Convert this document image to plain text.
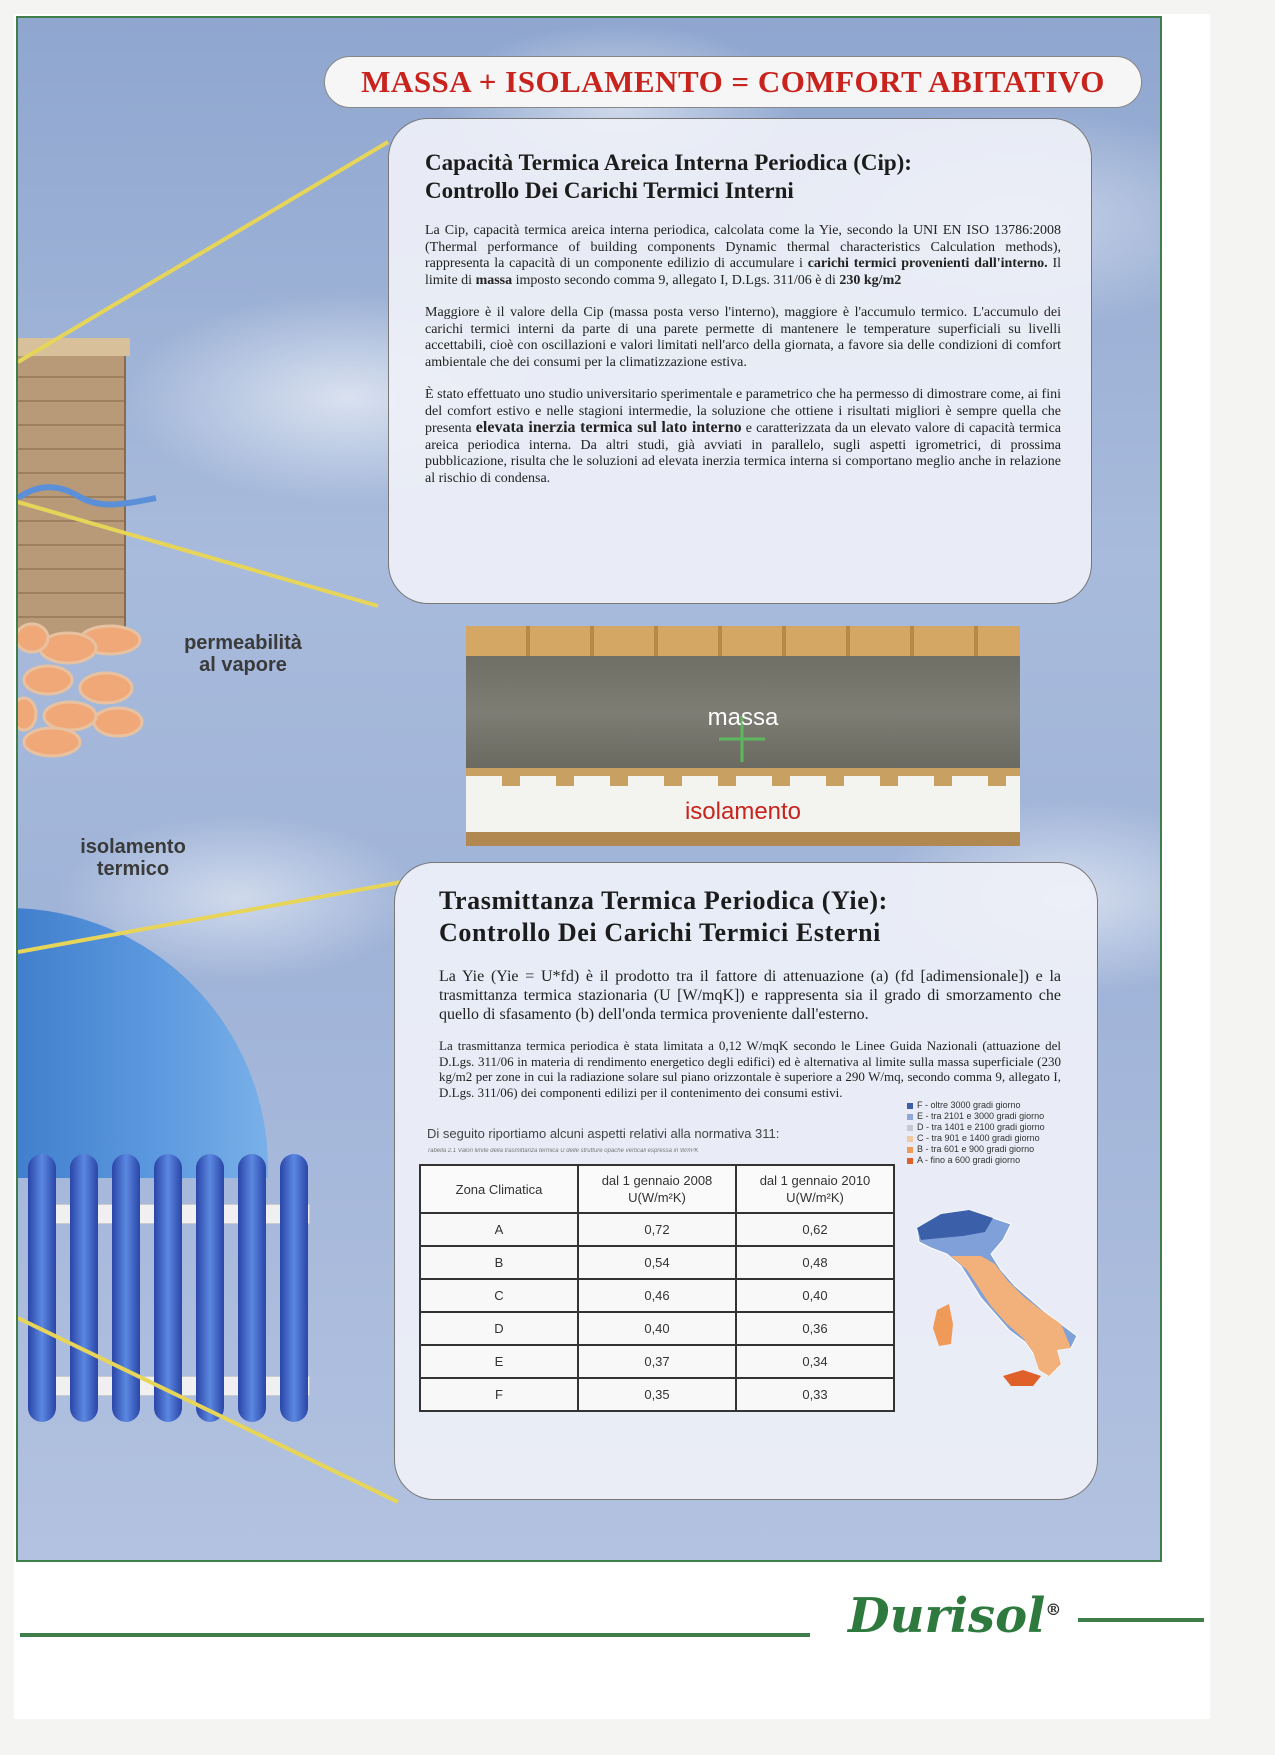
permeabilità
al vapore
isolamento
termico
MASSA + ISOLAMENTO = COMFORT ABITATIVO
Capacità Termica Areica Interna Periodica (Cip):
Controllo Dei Carichi Termici Interni

La Cip, capacità termica areica interna periodica, calcolata come la Yie, secondo la UNI EN ISO 13786:2008 (Thermal performance of building components Dynamic thermal characteristics Calculation methods), rappresenta la capacità di un componente edilizio di accumulare i carichi termici provenienti dall'interno. Il limite di massa imposto secondo comma 9, allegato I, D.Lgs. 311/06 è di 230 kg/m2

Maggiore è il valore della Cip (massa posta verso l'interno), maggiore è l'accumulo termico. L'accumulo dei carichi termici interni da parte di una parete permette di mantenere le temperature superficiali su livelli accettabili, cioè con oscillazioni e valori limitati nell'arco della giornata, a favore sia delle condizioni di comfort ambientale che dei consumi per la climatizzazione estiva.

È stato effettuato uno studio universitario sperimentale e parametrico che ha permesso di dimostrare come, ai fini del comfort estivo e nelle stagioni intermedie, la soluzione che ottiene i risultati migliori è sempre quella che presenta elevata inerzia termica sul lato interno e caratterizzata da un elevato valore di capacità termica areica periodica interna. Da altri studi, già avviati in parallelo, sugli aspetti igrometrici, di prossima pubblicazione, risulta che le soluzioni ad elevata inerzia termica interna si comportano meglio anche in relazione al rischio di condensa.

massa
isolamento
Trasmittanza Termica Periodica (Yie):
Controllo Dei Carichi Termici Esterni

La Yie (Yie = U*fd) è il prodotto tra il fattore di attenuazione (a) (fd [adimensionale]) e la trasmittanza termica stazionaria (U [W/mqK]) e rappresenta sia il grado di smorzamento che quello di sfasamento (b) dell'onda termica proveniente dall'esterno.

La trasmittanza termica periodica è stata limitata a 0,12 W/mqK secondo le Linee Guida Nazionali (attuazione del D.Lgs. 311/06 in materia di rendimento energetico degli edifici) ed è alternativa al limite sulla massa superficiale (230 kg/m2 per zone in cui la radiazione solare sul piano orizzontale è superiore a 290 W/mq, secondo comma 9, allegato I, D.Lgs. 311/06) dei componenti edilizi per il contenimento dei consumi estivi.

Di seguito riportiamo alcuni aspetti relativi alla normativa 311:
Tabella 2.1 Valori limite della trasmittanza termica U delle strutture opache verticali espressa in W/m²K
Zona Climatica	dal 1 gennaio 2008 U(W/m²K)	dal 1 gennaio 2010 U(W/m²K)
A	0,72	0,62
B	0,54	0,48
C	0,46	0,40
D	0,40	0,36
E	0,37	0,34
F	0,35	0,33
F - oltre 3000 gradi giorno
E - tra 2101 e 3000 gradi giorno
D - tra 1401 e 2100 gradi giorno
C - tra 901 e 1400 gradi giorno
B - tra 601 e 900 gradi giorno
A - fino a 600 gradi giorno
Durisol®
